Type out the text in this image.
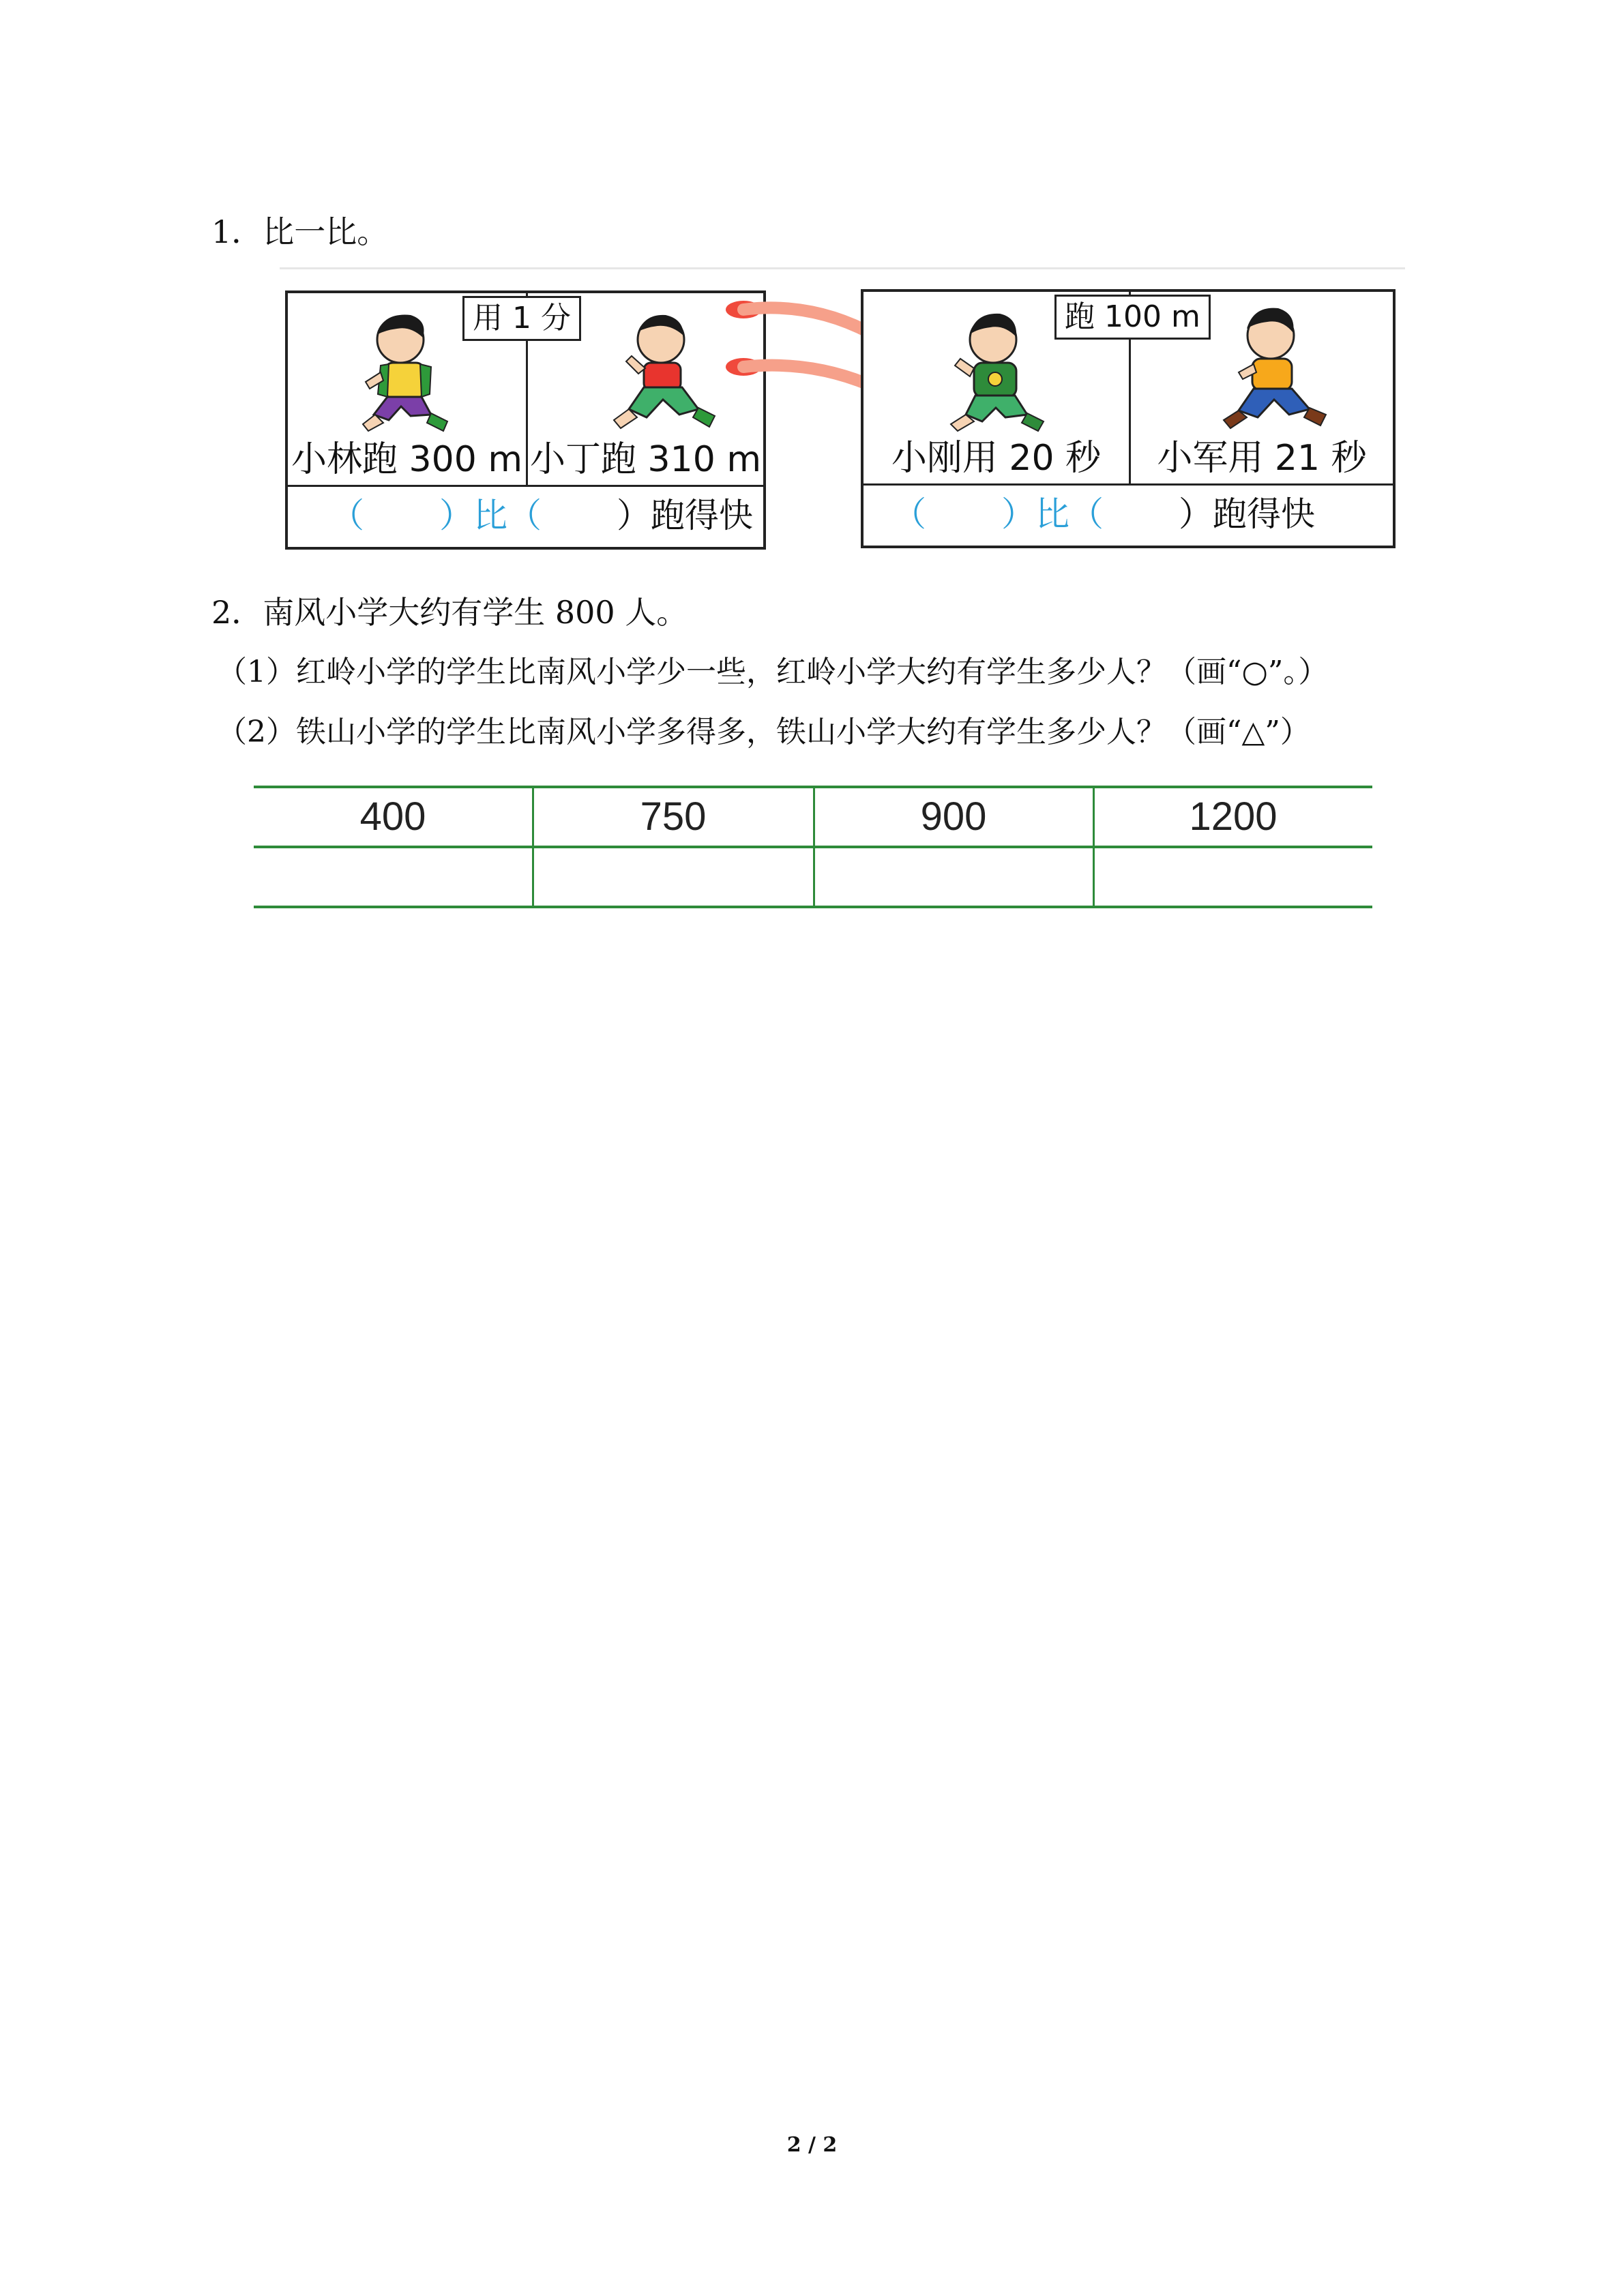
1．比一比。
小林跑 300 m 小丁跑 310 m
用 1 分
（ ）比（ ）跑得快
小刚用 20 秒	小军用 21 秒
跑 100 m
（ ）比（ ）跑得快
2．南风小学大约有学生 800 人。
（1）红岭小学的学生比南风小学少一些，红岭小学大约有学生多少人？（画“○”。）
（2）铁山小学的学生比南风小学多得多，铁山小学大约有学生多少人？（画“△”）
400	750	900	1200
2 / 2
